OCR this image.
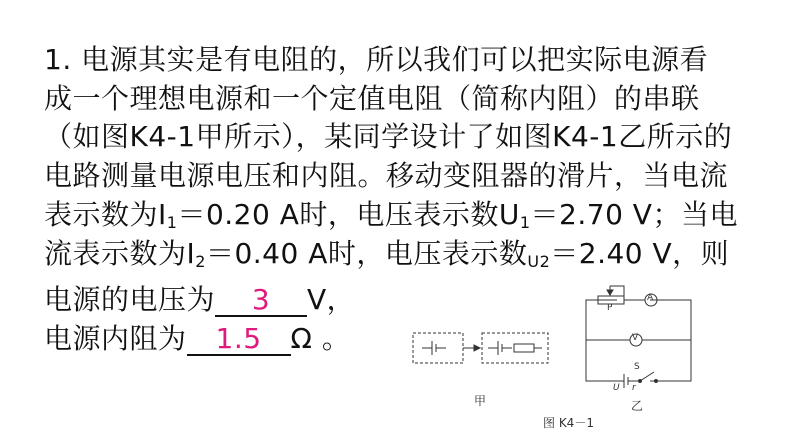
1. 电源其实是有电阻的，所以我们可以把实际电源看
成一个理想电源和一个定值电阻（简称内阻）的串联
（如图K4-1甲所示），某同学设计了如图K4-1乙所示的
电路测量电源电压和内阻。移动变阻器的滑片，当电流
表示数为$I_1=0.20$ A时，电压表示数$U_1=2.70$ V；当电
流表示数为$I_2=0.40$ A时，电压表示数$_{U2}$＝2.40 V，则
电源的电压为 3 V，
电源内阻为 1.5 Ω 。
P
A
V
S
U r
甲	乙
图 K4－1
